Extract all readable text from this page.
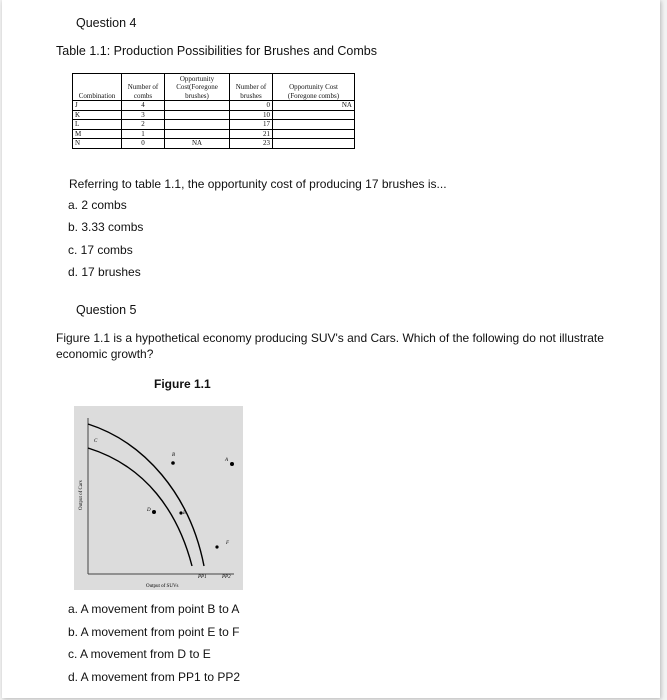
Question 4
Table 1.1: Production Possibilities for Brushes and Combs
Combination	Number of combs	Opportunity Cost(Foregone brushes)	Number of brushes	Opportunity Cost (Foregone combs)
J	4		0	NA
K	3		10	
L	2		17	
M	1		21	
N	0	NA	23	
Referring to table 1.1, the opportunity cost of producing 17 brushes is...
a. 2 combs
b. 3.33 combs
c. 17 combs
d. 17 brushes
Question 5
Figure 1.1 is a hypothetical economy producing SUV's and Cars. Which of the following do not illustrate economic growth?
Figure 1.1
C
B
A
D
E
F
PP1	PP2
Output of SUVs
Output of Cars
a. A movement from point B to A
b. A movement from point E to F
c. A movement from D to E
d. A movement from PP1 to PP2
